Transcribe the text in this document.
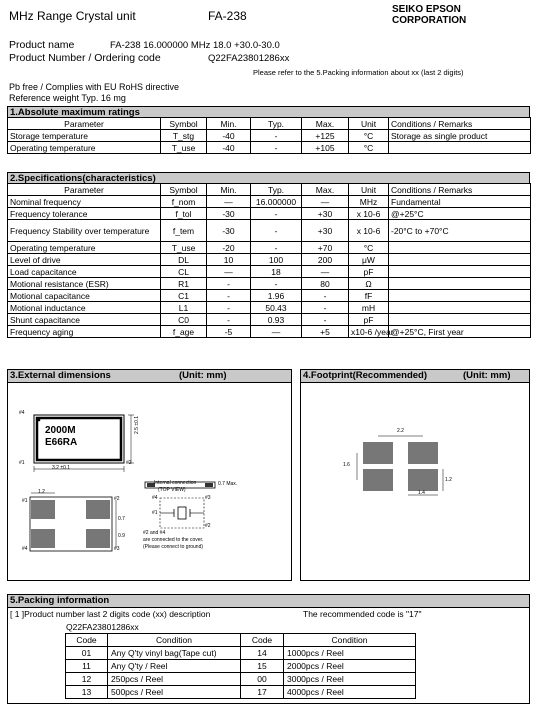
MHz Range Crystal unit	FA-238	SEIKO EPSON CORPORATION
Product name	FA-238 16.000000 MHz 18.0 +30.0-30.0
Product Number / Ordering code	Q22FA23801286xx
Please refer to the 5.Packing information about xx (last 2 digits)
Pb free / Complies with EU RoHS directive
Reference weight Typ. 16 mg
1.Absolute maximum ratings
Parameter	Symbol	Min.	Typ.	Max.	Unit	Conditions / Remarks
Storage temperature	T_stg	-40	-	+125	°C	Storage as single product
Operating temperature	T_use	-40	-	+105	°C	
2.Specifications(characteristics)
Parameter	Symbol	Min.	Typ.	Max.	Unit	Conditions / Remarks
Nominal frequency	f_nom	—	16.000000	—	MHz	Fundamental
Frequency tolerance	f_tol	-30	-	+30	x 10-6	@+25°C
Frequency Stability over temperature	f_tem	-30	-	+30	x 10-6	-20°C to +70°C
Operating temperature	T_use	-20	-	+70	°C	
Level of drive	DL	10	100	200	μW	
Load capacitance	CL	—	18	—	pF	
Motional resistance (ESR)	R1	-	-	80	Ω	
Motional capacitance	C1	-	1.96	-	fF	
Motional inductance	L1	-	50.43	-	mH	
Shunt capacitance	C0	-	0.93	-	pF	
Frequency aging	f_age	-5	—	+5	x10-6 /year	@+25°C, First year
3.External dimensions	(Unit: mm)
2000M
E66RA
#4
#1	#2
3.2 ±0.1
2.5 ±0.1
0.7 Max.
1.2
0.7
0.9
#1	#2
#4	#3
Internal connection
(TOP VIEW)
#4
#1
#3
#2
#2 and #4
are connected to the cover.
(Please connect to ground)
4.Footprint(Recommended)	(Unit: mm)
2.2
1.6
1.2
1.4
5.Packing information
[ 1 ]Product number last 2 digits code (xx) description	The recommended code is "17"
Q22FA23801286xx
Code	Condition	Code	Condition
01	Any Q'ty vinyl bag(Tape cut)	14	1000pcs / Reel
11	Any Q'ty / Reel	15	2000pcs / Reel
12	250pcs / Reel	00	3000pcs / Reel
13	500pcs / Reel	17	4000pcs / Reel
